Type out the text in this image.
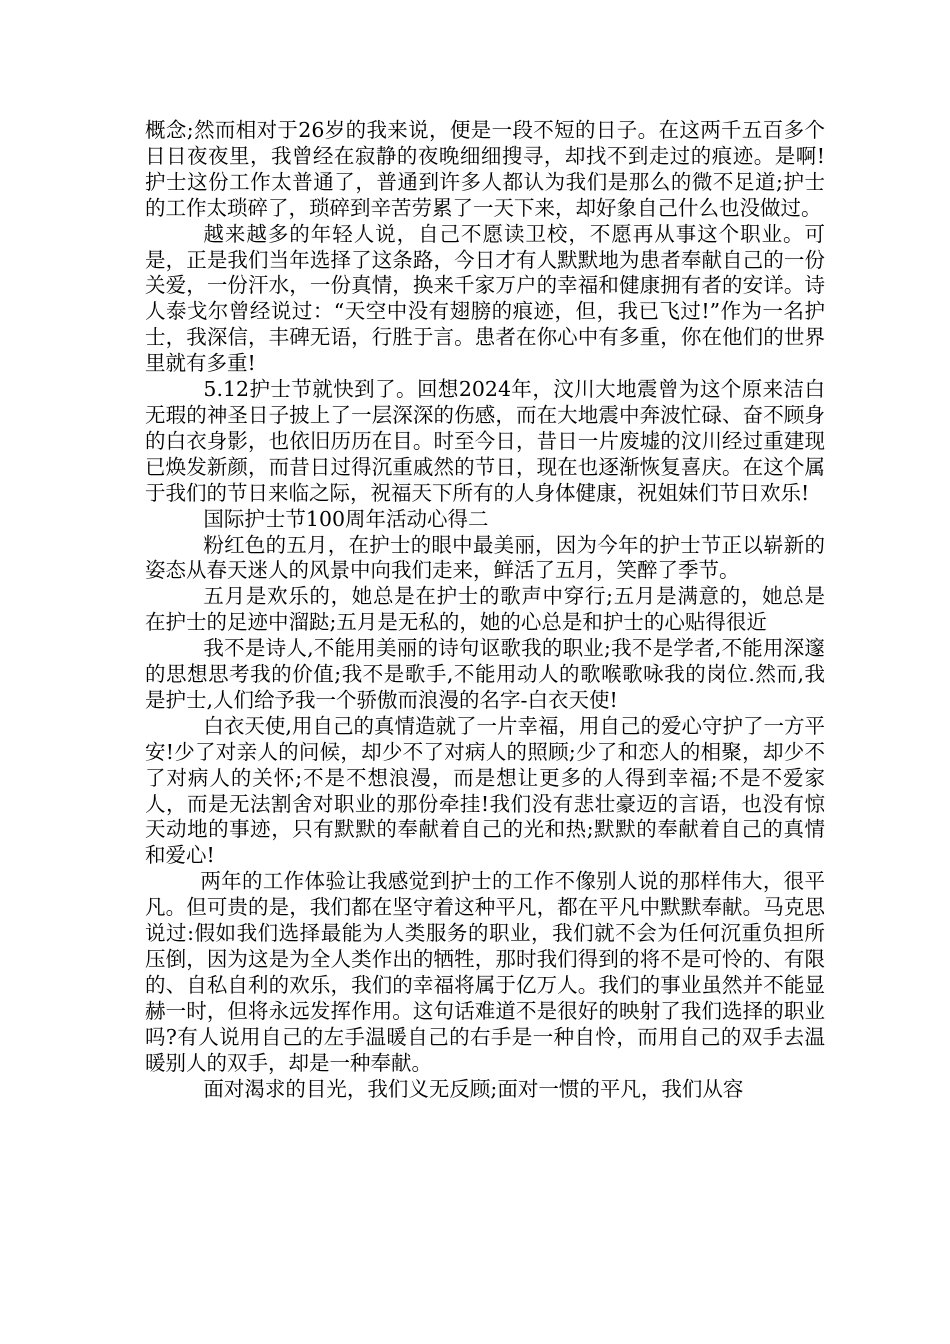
概念;然而相对于26岁的我来说，便是一段不短的日子。在这两千五百多个日日夜夜里，我曾经在寂静的夜晚细细搜寻，却找不到走过的痕迹。是啊!护士这份工作太普通了，普通到许多人都认为我们是那么的微不足道;护士的工作太琐碎了，琐碎到辛苦劳累了一天下来，却好象自己什么也没做过。

越来越多的年轻人说，自己不愿读卫校，不愿再从事这个职业。可是，正是我们当年选择了这条路，今日才有人默默地为患者奉献自己的一份关爱，一份汗水，一份真情，换来千家万户的幸福和健康拥有者的安详。诗人泰戈尔曾经说过：“天空中没有翅膀的痕迹，但，我已飞过!”作为一名护士，我深信，丰碑无语，行胜于言。患者在你心中有多重，你在他们的世界里就有多重!

5.12护士节就快到了。回想2024年，汶川大地震曾为这个原来洁白无瑕的神圣日子披上了一层深深的伤感，而在大地震中奔波忙碌、奋不顾身的白衣身影，也依旧历历在目。时至今日，昔日一片废墟的汶川经过重建现已焕发新颜，而昔日过得沉重戚然的节日，现在也逐渐恢复喜庆。在这个属于我们的节日来临之际，祝福天下所有的人身体健康，祝姐妹们节日欢乐!

国际护士节100周年活动心得二

粉红色的五月，在护士的眼中最美丽，因为今年的护士节正以崭新的姿态从春天迷人的风景中向我们走来，鲜活了五月，笑醉了季节。

五月是欢乐的，她总是在护士的歌声中穿行;五月是满意的，她总是在护士的足迹中溜跶;五月是无私的，她的心总是和护士的心贴得很近

我不是诗人,不能用美丽的诗句讴歌我的职业;我不是学者,不能用深邃的思想思考我的价值;我不是歌手,不能用动人的歌喉歌咏我的岗位.然而,我是护士,人们给予我一个骄傲而浪漫的名字-白衣天使!

白衣天使,用自己的真情造就了一片幸福，用自己的爱心守护了一方平安!少了对亲人的问候，却少不了对病人的照顾;少了和恋人的相聚，却少不了对病人的关怀;不是不想浪漫，而是想让更多的人得到幸福;不是不爱家人，而是无法割舍对职业的那份牵挂!我们没有悲壮豪迈的言语，也没有惊天动地的事迹，只有默默的奉献着自己的光和热;默默的奉献着自己的真情和爱心!

两年的工作体验让我感觉到护士的工作不像别人说的那样伟大，很平凡。但可贵的是，我们都在坚守着这种平凡，都在平凡中默默奉献。马克思说过:假如我们选择最能为人类服务的职业，我们就不会为任何沉重负担所压倒，因为这是为全人类作出的牺牲，那时我们得到的将不是可怜的、有限的、自私自利的欢乐，我们的幸福将属于亿万人。我们的事业虽然并不能显赫一时，但将永远发挥作用。这句话难道不是很好的映射了我们选择的职业吗?有人说用自己的左手温暖自己的右手是一种自怜，而用自己的双手去温暖别人的双手，却是一种奉献。

面对渴求的目光，我们义无反顾;面对一惯的平凡，我们从容
